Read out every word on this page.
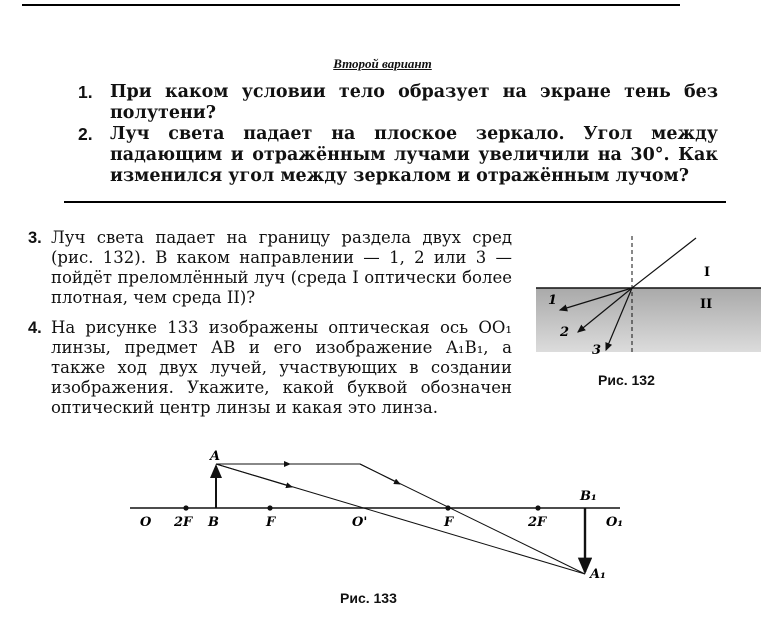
Второй вариант
1. При каком условии тело образует на экране тень без полутени?
2. Луч света падает на плоское зеркало. Угол между падающим и отражённым лучами увеличили на 30°. Как изменился угол между зеркалом и отражённым лучом?
3. Луч света падает на границу раздела двух сред (рис. 132). В каком направлении — 1, 2 или 3 — пойдёт преломлённый луч (среда I оптически более плотная, чем среда II)?
4. На рисунке 133 изображены оптическая ось OO₁ линзы, предмет AB и его изображение A₁B₁, а также ход двух лучей, участвующих в создании изображения. Укажите, какой буквой обозначен оптический центр линзы и какая это линза.
I
II
1
2
3
Рис. 132
O 2F B	F	O'	F	2F	O₁
A
B₁
A₁
Рис. 133
